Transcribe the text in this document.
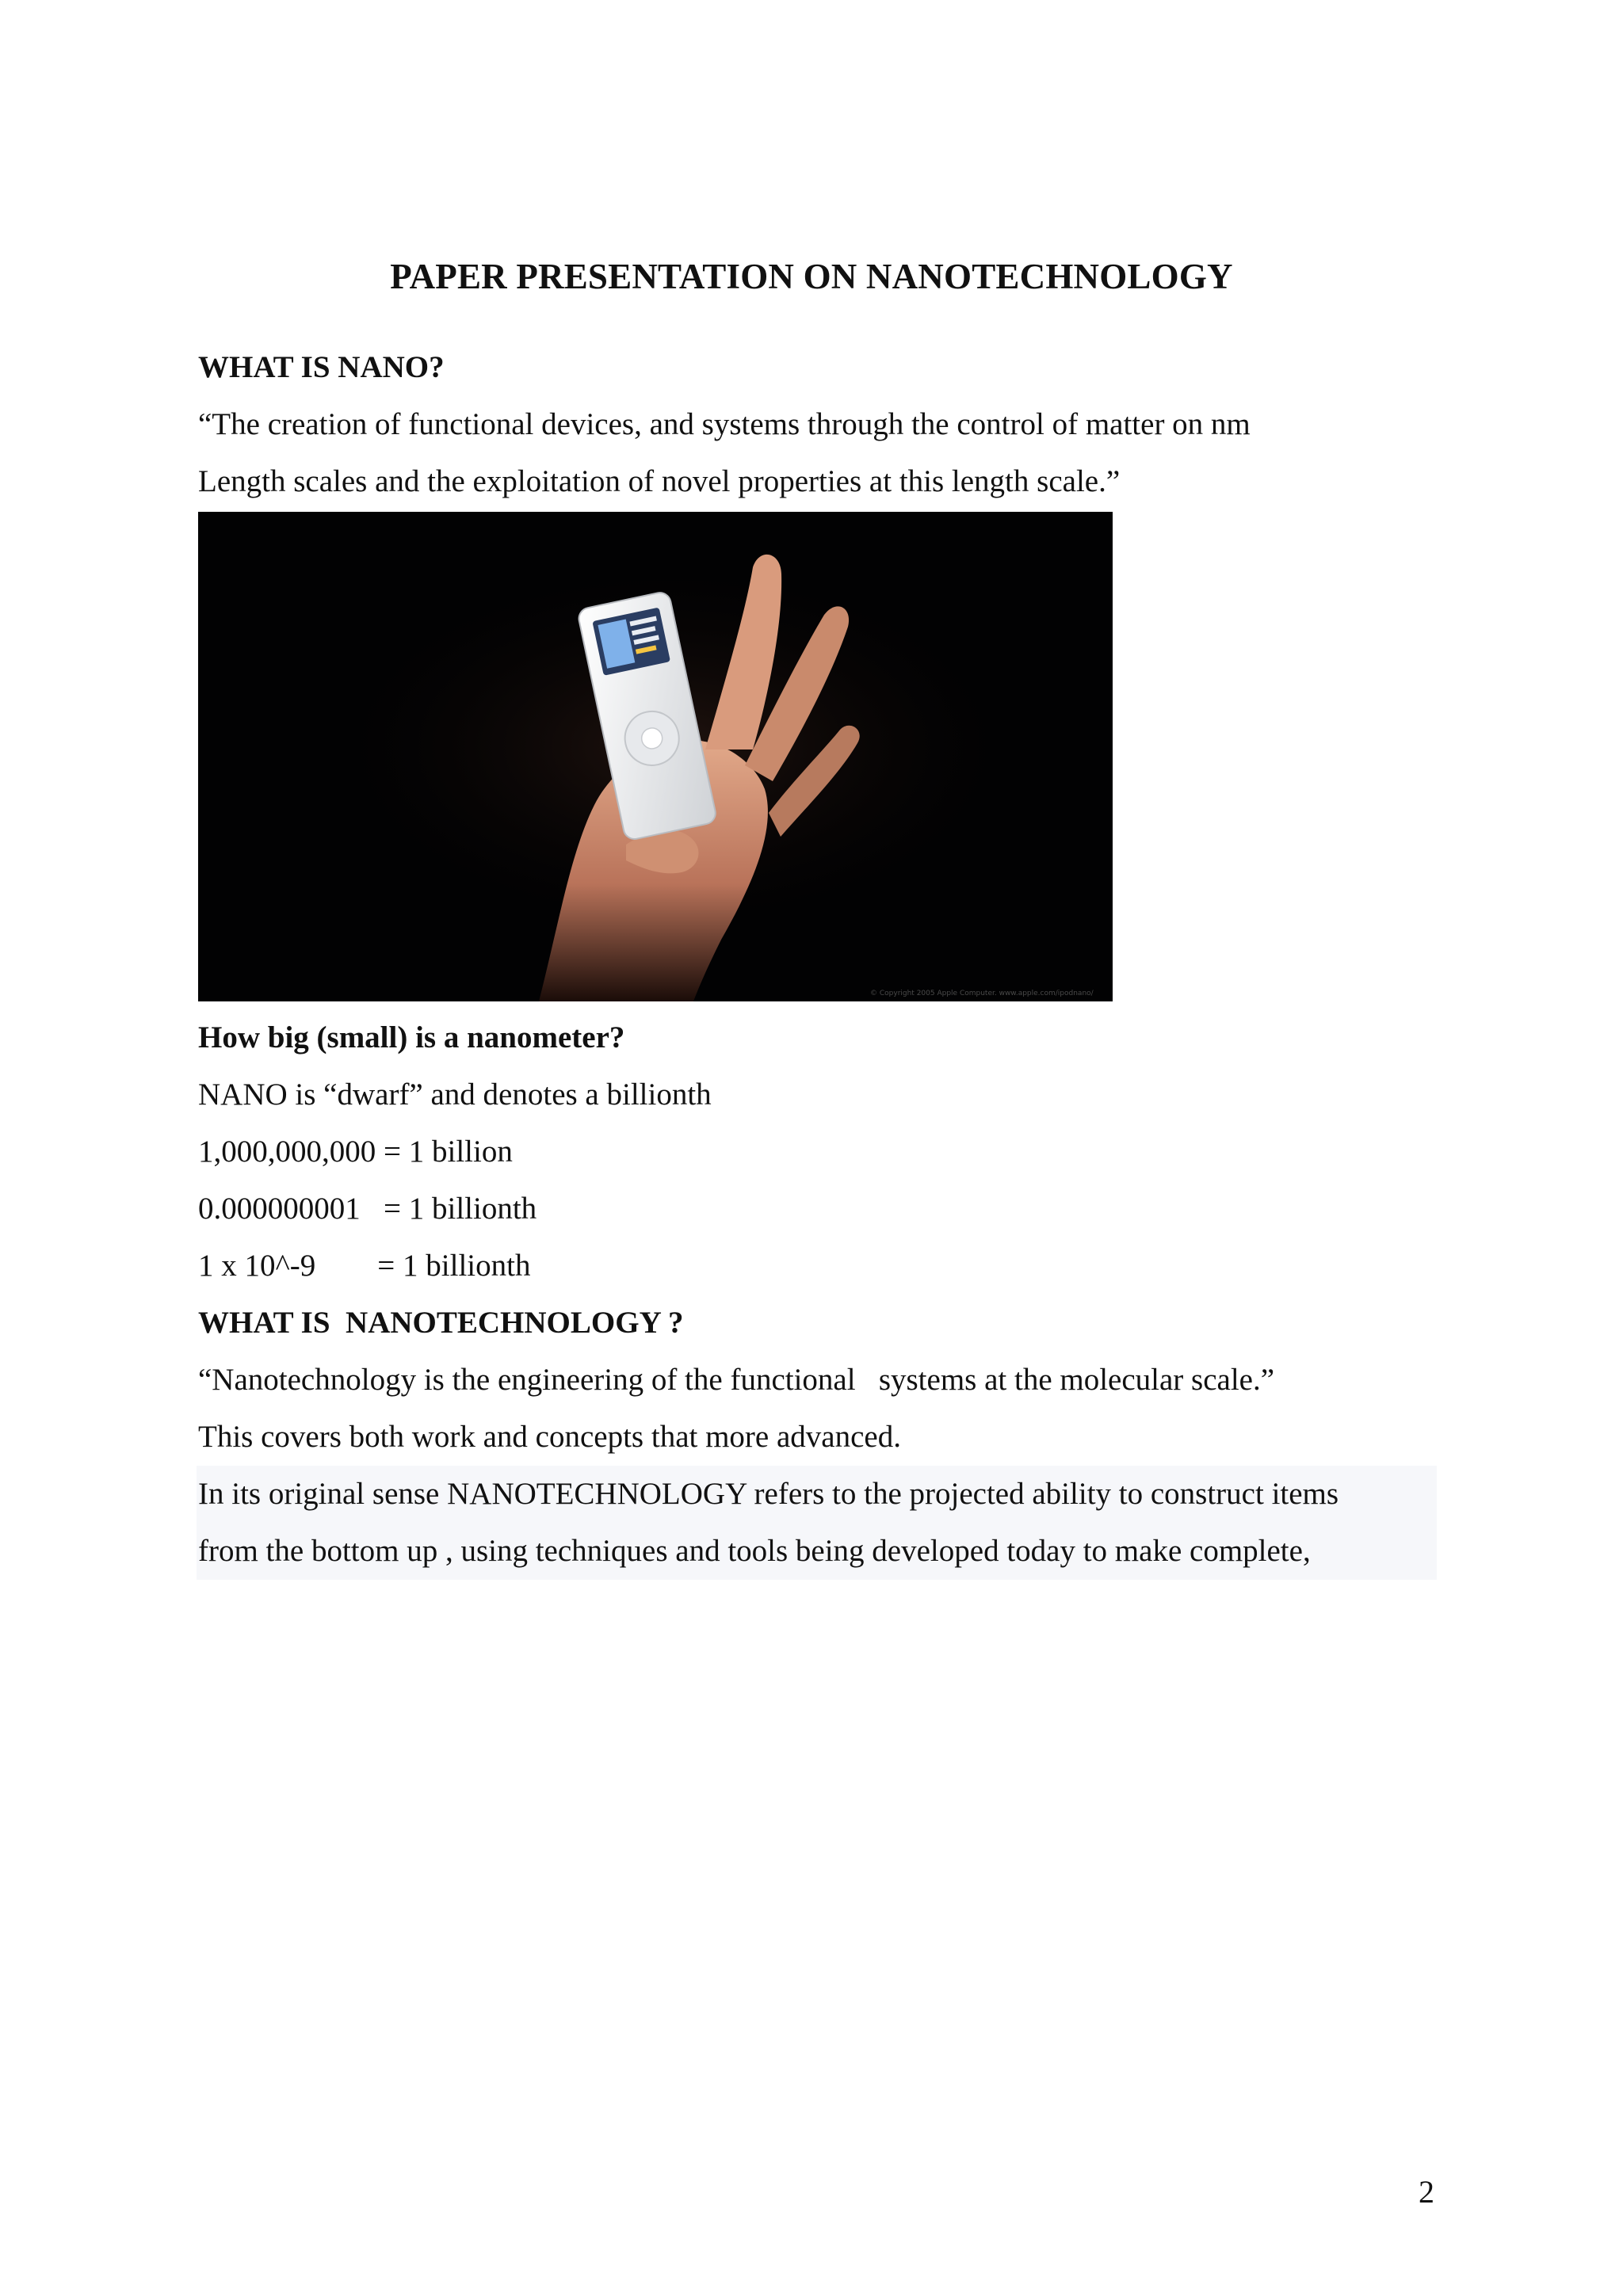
PAPER PRESENTATION ON NANOTECHNOLOGY
WHAT IS NANO?
“The creation of functional devices, and systems through the control of matter on nm
Length scales and the exploitation of novel properties at this length scale.”
© Copyright 2005 Apple Computer. www.apple.com/ipodnano/
How big (small) is a nanometer?
NANO is “dwarf” and denotes a billionth
1,000,000,000 = 1 billion
0.000000001   = 1 billionth
1 x 10^-9        = 1 billionth
WHAT IS  NANOTECHNOLOGY ?
“Nanotechnology is the engineering of the functional   systems at the molecular scale.”
This covers both work and concepts that more advanced.
In its original sense NANOTECHNOLOGY refers to the projected ability to construct items
from the bottom up , using techniques and tools being developed today to make complete,
2
